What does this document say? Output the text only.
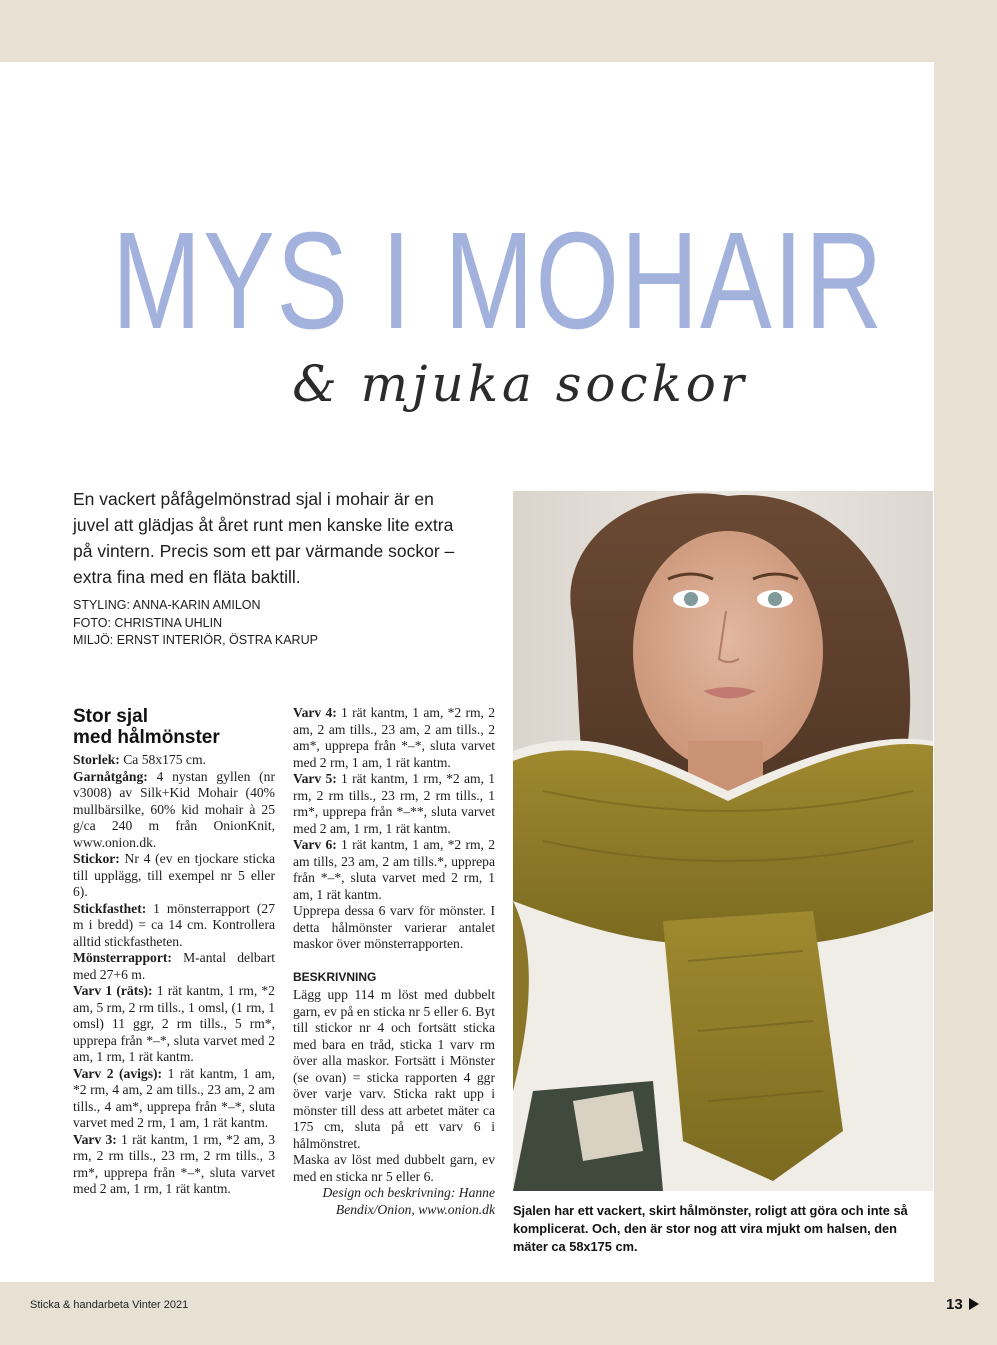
MYS I MOHAIR
& mjuka sockor
En vackert påfågelmönstrad sjal i mohair är en juvel att glädjas åt året runt men kanske lite extra på vintern. Precis som ett par värmande sockor – extra fina med en fläta baktill.
STYLING: ANNA-KARIN AMILON
FOTO: CHRISTINA UHLIN
MILJÖ: ERNST INTERIÖR, ÖSTRA KARUP
Stor sjal
med hålmönster

Storlek: Ca 58x175 cm.

Garnåtgång: 4 nystan gyllen (nr v3008) av Silk+Kid Mohair (40% mullbärsilke, 60% kid mohair à 25 g/ca 240 m från OnionKnit, www.onion.dk.

Stickor: Nr 4 (ev en tjockare sticka till upplägg, till exempel nr 5 eller 6).

Stickfasthet: 1 mönsterrapport (27 m i bredd) = ca 14 cm. Kontrollera alltid stickfastheten.

Mönsterrapport: M-antal delbart med 27+6 m.

Varv 1 (räts): 1 rät kantm, 1 rm, *2 am, 5 rm, 2 rm tills., 1 omsl, (1 rm, 1 omsl) 11 ggr, 2 rm tills., 5 rm*, upprepa från *–*, sluta varvet med 2 am, 1 rm, 1 rät kantm.

Varv 2 (avigs): 1 rät kantm, 1 am, *2 rm, 4 am, 2 am tills., 23 am, 2 am tills., 4 am*, upprepa från *–*, sluta varvet med 2 rm, 1 am, 1 rät kantm.

Varv 3: 1 rät kantm, 1 rm, *2 am, 3 rm, 2 rm tills., 23 rm, 2 rm tills., 3 rm*, upprepa från *–*, sluta varvet med 2 am, 1 rm, 1 rät kantm.

Varv 4: 1 rät kantm, 1 am, *2 rm, 2 am, 2 am tills., 23 am, 2 am tills., 2 am*, upprepa från *–*, sluta varvet med 2 rm, 1 am, 1 rät kantm.

Varv 5: 1 rät kantm, 1 rm, *2 am, 1 rm, 2 rm tills., 23 rm, 2 rm tills., 1 rm*, upprepa från *–**, sluta varvet med 2 am, 1 rm, 1 rät kantm.

Varv 6: 1 rät kantm, 1 am, *2 rm, 2 am tills, 23 am, 2 am tills.*, upprepa från *–*, sluta varvet med 2 rm, 1 am, 1 rät kantm.

Upprepa dessa 6 varv för mönster. I detta hålmönster varierar antalet maskor över mönsterrapporten.

BESKRIVNING

Lägg upp 114 m löst med dubbelt garn, ev på en sticka nr 5 eller 6. Byt till stickor nr 4 och fortsätt sticka med bara en tråd, sticka 1 varv rm över alla maskor. Fortsätt i Mönster (se ovan) = sticka rapporten 4 ggr över varje varv. Sticka rakt upp i mönster till dess att arbetet mäter ca 175 cm, sluta på ett varv 6 i hålmönstret.

Maska av löst med dubbelt garn, ev med en sticka nr 5 eller 6.

Design och beskrivning: Hanne Bendix/Onion, www.onion.dk Sjalen har ett vackert, skirt hålmönster, roligt att göra och inte så komplicerat. Och, den är stor nog att vira mjukt om halsen, den mäter ca 58x175 cm.
Sticka & handarbeta Vinter 2021	13
